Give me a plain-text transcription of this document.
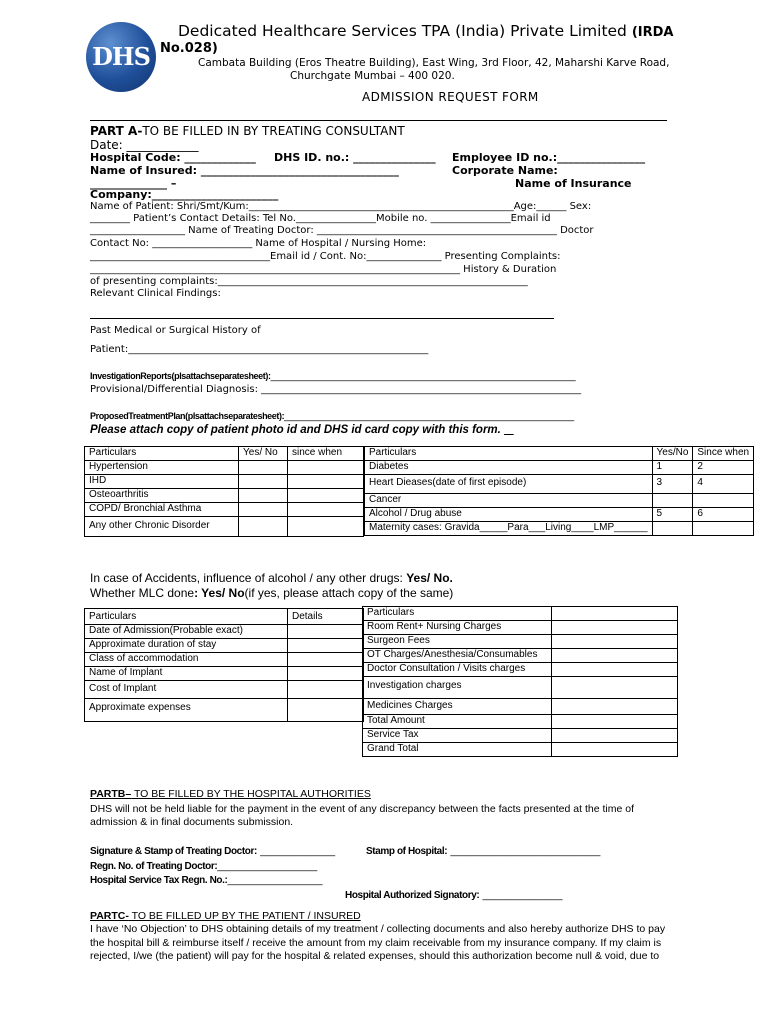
DHS
Dedicated Healthcare Services TPA (India) Private Limited (IRDA
No.028)
Cambata Building (Eros Theatre Building), East Wing, 3rd Floor, 42, Maharshi Karve Road,
Churchgate Mumbai – 400 020.
ADMISSION REQUEST FORM
PART A-TO BE FILLED IN BY TREATING CONSULTANT
Date: ____________
Hospital Code: _____________ DHS ID. no.: _______________ Employee ID no.:________________
Name of Insured: ____________________________________	Corporate Name:
Name of Insurance
______________ –
Company:_______________________
Name of Patient: Shri/Smt/Kum:_____________________________________________________Age:______ Sex:
________ Patient’s Contact Details: Tel No.________________Mobile no. ________________Email id
___________________ Name of Treating Doctor: ________________________________________________ Doctor
Contact No: ____________________ Name of Hospital / Nursing Home:
____________________________________Email id / Cont. No:_______________ Presenting Complaints:
__________________________________________________________________________ History & Duration
of presenting complaints:______________________________________________________________
Relevant Clinical Findings:
Past Medical or Surgical History of
Patient:____________________________________________________________
InvestigationReports(plsattachseparatesheet):_____________________________________________________________
Provisional/Differential Diagnosis: ________________________________________________________________
ProposedTreatmentPlan(plsattachseparatesheet):__________________________________________________________
Please attach copy of patient photo id and DHS id card copy with this form.
Particulars	Yes/ No	since when
Hypertension		
IHD		
Osteoarthritis		
COPD/ Bronchial Asthma		
Any other Chronic Disorder		
Particulars	Yes/No	Since when
Diabetes	1	2
Heart Dieases(date of first episode)	3	4
Cancer		
Alcohol / Drug abuse	5	6
Maternity cases: Gravida_____Para___Living____LMP______		
In case of Accidents, influence of alcohol / any other drugs: Yes/ No.
Whether MLC done: Yes/ No(if yes, please attach copy of the same)
Particulars	Details
Date of Admission(Probable exact)	
Approximate duration of stay	
Class of accommodation	
Name of Implant	
Cost of Implant	
Approximate expenses	
Particulars	
Room Rent+ Nursing Charges	
Surgeon Fees	
OT Charges/Anesthesia/Consumables	
Doctor Consultation / Visits charges	
Investigation charges	
Medicines Charges	
Total Amount	
Service Tax	
Grand Total	
PARTB– TO BE FILLED BY THE HOSPITAL AUTHORITIES
DHS will not be held liable for the payment in the event of any discrepancy between the facts presented at the time of
admission & in final documents submission.
Signature & Stamp of Treating Doctor: _______________	Stamp of Hospital: ______________________________
Regn. No. of Treating Doctor:____________________
Hospital Service Tax Regn. No.:___________________
Hospital Authorized Signatory: ________________
PARTC- TO BE FILLED UP BY THE PATIENT / INSURED
I have ‘No Objection’ to DHS obtaining details of my treatment / collecting documents and also hereby authorize DHS to pay
the hospital bill & reimburse itself / receive the amount from my claim receivable from my insurance company. If my claim is
rejected, I/we (the patient) will pay for the hospital & related expenses, should this authorization become null & void, due to
